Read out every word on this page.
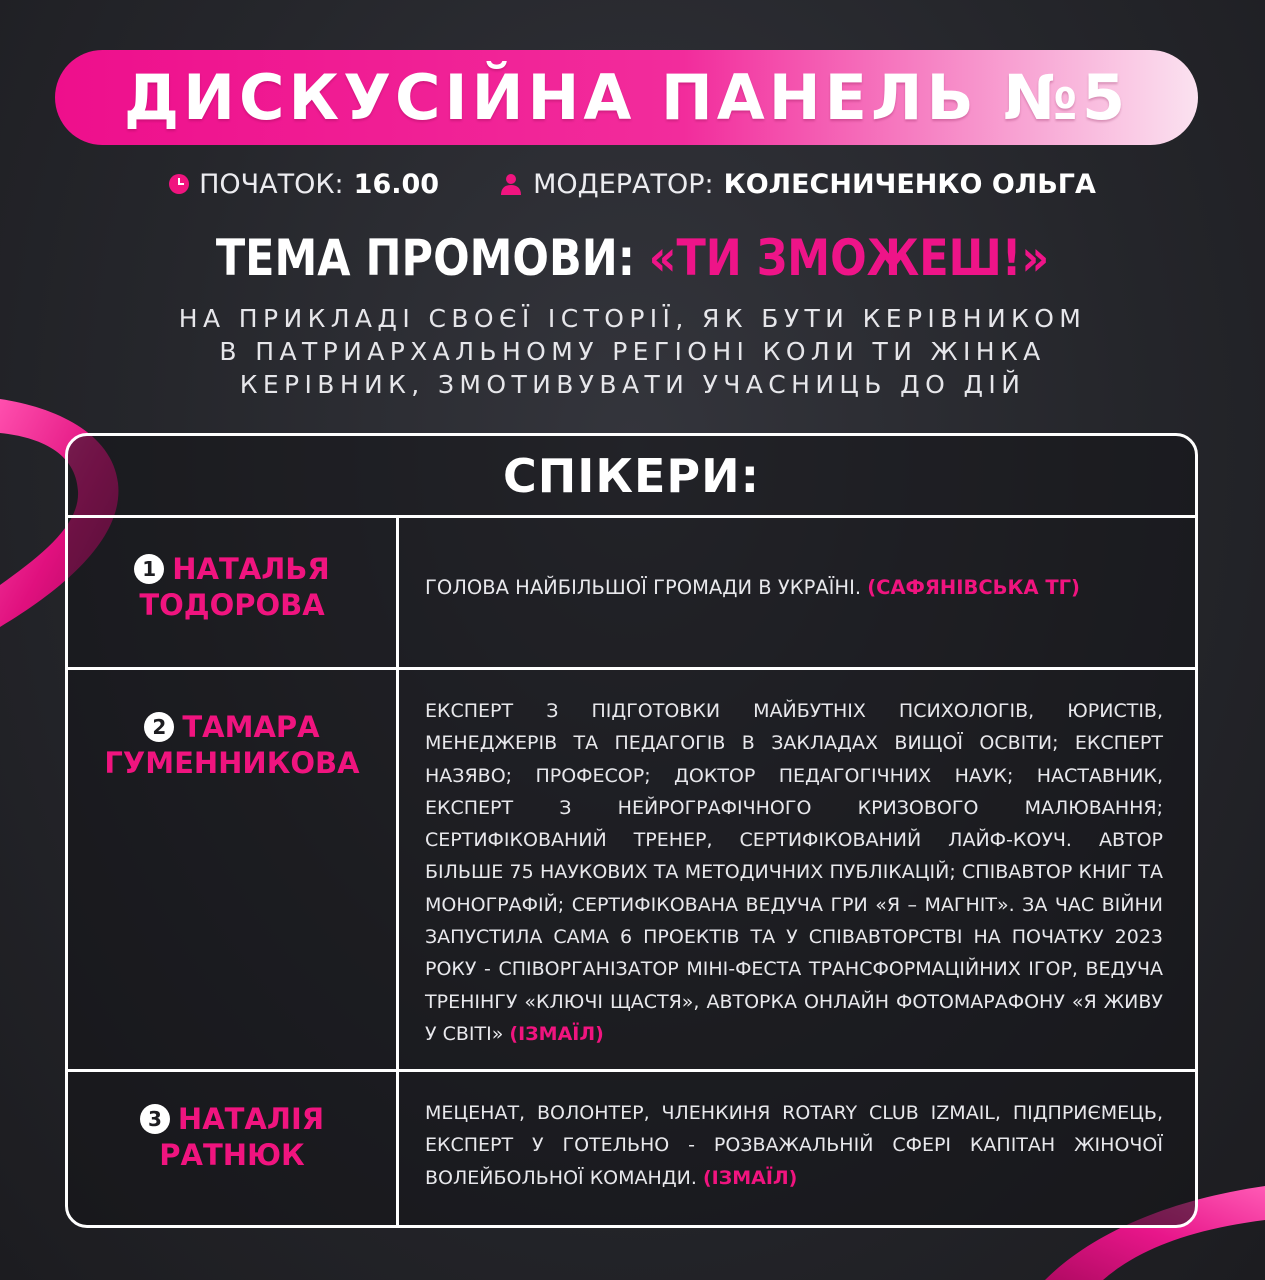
ДИСКУСІЙНА ПАНЕЛЬ №5
ПОЧАТОК: 16.00	МОДЕРАТОР: КОЛЕСНИЧЕНКО ОЛЬГА
ТЕМА ПРОМОВИ: «ТИ ЗМОЖЕШ!»
НА ПРИКЛАДІ СВОЄЇ ІСТОРІЇ, ЯК БУТИ КЕРІВНИКОМ
В ПАТРИАРХАЛЬНОМУ РЕГІОНІ КОЛИ ТИ ЖІНКА
КЕРІВНИК, ЗМОТИВУВАТИ УЧАСНИЦЬ ДО ДІЙ
СПІКЕРИ:
1 НАТАЛЬЯ
ТОДОРОВА
ГОЛОВА НАЙБІЛЬШОЇ ГРОМАДИ В УКРАЇНІ. (САФЯНІВСЬКА ТГ)
2 ТАМАРА
ГУМЕННИКОВА
ЕКСПЕРТ З ПІДГОТОВКИ МАЙБУТНІХ ПСИХОЛОГІВ, ЮРИСТІВ, МЕНЕДЖЕРІВ ТА ПЕДАГОГІВ В ЗАКЛАДАХ ВИЩОЇ ОСВІТИ; ЕКСПЕРТ НАЗЯВО; ПРОФЕСОР; ДОКТОР ПЕДАГОГІЧНИХ НАУК; НАСТАВНИК, ЕКСПЕРТ З НЕЙРОГРАФІЧНОГО КРИЗОВОГО МАЛЮВАННЯ; СЕРТИФІКОВАНИЙ ТРЕНЕР, СЕРТИФІКОВАНИЙ ЛАЙФ-КОУЧ. АВТОР БІЛЬШЕ 75 НАУКОВИХ ТА МЕТОДИЧНИХ ПУБЛІКАЦІЙ; СПІВАВТОР КНИГ ТА МОНОГРАФІЙ; СЕРТИФІКОВАНА ВЕДУЧА ГРИ «Я – МАГНІТ». ЗА ЧАС ВІЙНИ ЗАПУСТИЛА САМА 6 ПРОЕКТІВ ТА У СПІВАВТОРСТВІ НА ПОЧАТКУ 2023 РОКУ - СПІВОРГАНІЗАТОР МІНІ-ФЕСТА ТРАНСФОРМАЦІЙНИХ ІГОР, ВЕДУЧА ТРЕНІНГУ «КЛЮЧІ ЩАСТЯ», АВТОРКА ОНЛАЙН ФОТОМАРАФОНУ «Я ЖИВУ У СВІТІ» (ІЗМАЇЛ)
3 НАТАЛІЯ
РАТНЮК
МЕЦЕНАТ, ВОЛОНТЕР, ЧЛЕНКИНЯ ROTARY CLUB IZMAIL, ПІДПРИЄМЕЦЬ, ЕКСПЕРТ У ГОТЕЛЬНО - РОЗВАЖАЛЬНІЙ СФЕРІ КАПІТАН ЖІНОЧОЇ ВОЛЕЙБОЛЬНОЇ КОМАНДИ. (ІЗМАЇЛ)
